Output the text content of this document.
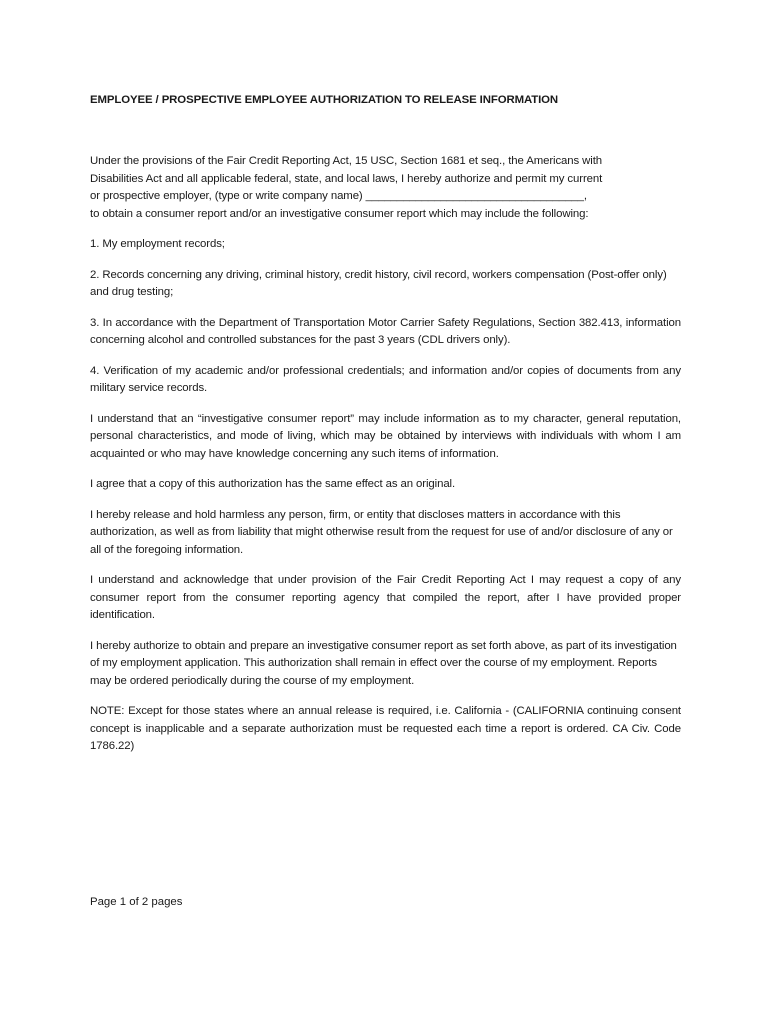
EMPLOYEE / PROSPECTIVE EMPLOYEE AUTHORIZATION TO RELEASE INFORMATION

Under the provisions of the Fair Credit Reporting Act, 15 USC, Section 1681 et seq., the Americans with
Disabilities Act and all applicable federal, state, and local laws, I hereby authorize and permit my current
or prospective employer, (type or write company name) ___________________________________,
to obtain a consumer report and/or an investigative consumer report which may include the following:

1. My employment records;

2. Records concerning any driving, criminal history, credit history, civil record, workers compensation (Post-offer only) and drug testing;

3. In accordance with the Department of Transportation Motor Carrier Safety Regulations, Section 382.413, information concerning alcohol and controlled substances for the past 3 years (CDL drivers only).

4. Verification of my academic and/or professional credentials; and information and/or copies of documents from any military service records.

I understand that an “investigative consumer report” may include information as to my character, general reputation, personal characteristics, and mode of living, which may be obtained by interviews with individuals with whom I am acquainted or who may have knowledge concerning any such items of information.

I agree that a copy of this authorization has the same effect as an original.

I hereby release and hold harmless any person, firm, or entity that discloses matters in accordance with this authorization, as well as from liability that might otherwise result from the request for use of and/or disclosure of any or all of the foregoing information.

I understand and acknowledge that under provision of the Fair Credit Reporting Act I may request a copy of any consumer report from the consumer reporting agency that compiled the report, after I have provided proper identification.

I hereby authorize to obtain and prepare an investigative consumer report as set forth above, as part of its investigation of my employment application. This authorization shall remain in effect over the course of my employment. Reports may be ordered periodically during the course of my employment.

NOTE: Except for those states where an annual release is required, i.e. California - (CALIFORNIA continuing consent concept is inapplicable and a separate authorization must be requested each time a report is ordered. CA Civ. Code 1786.22)

Page 1 of 2 pages
